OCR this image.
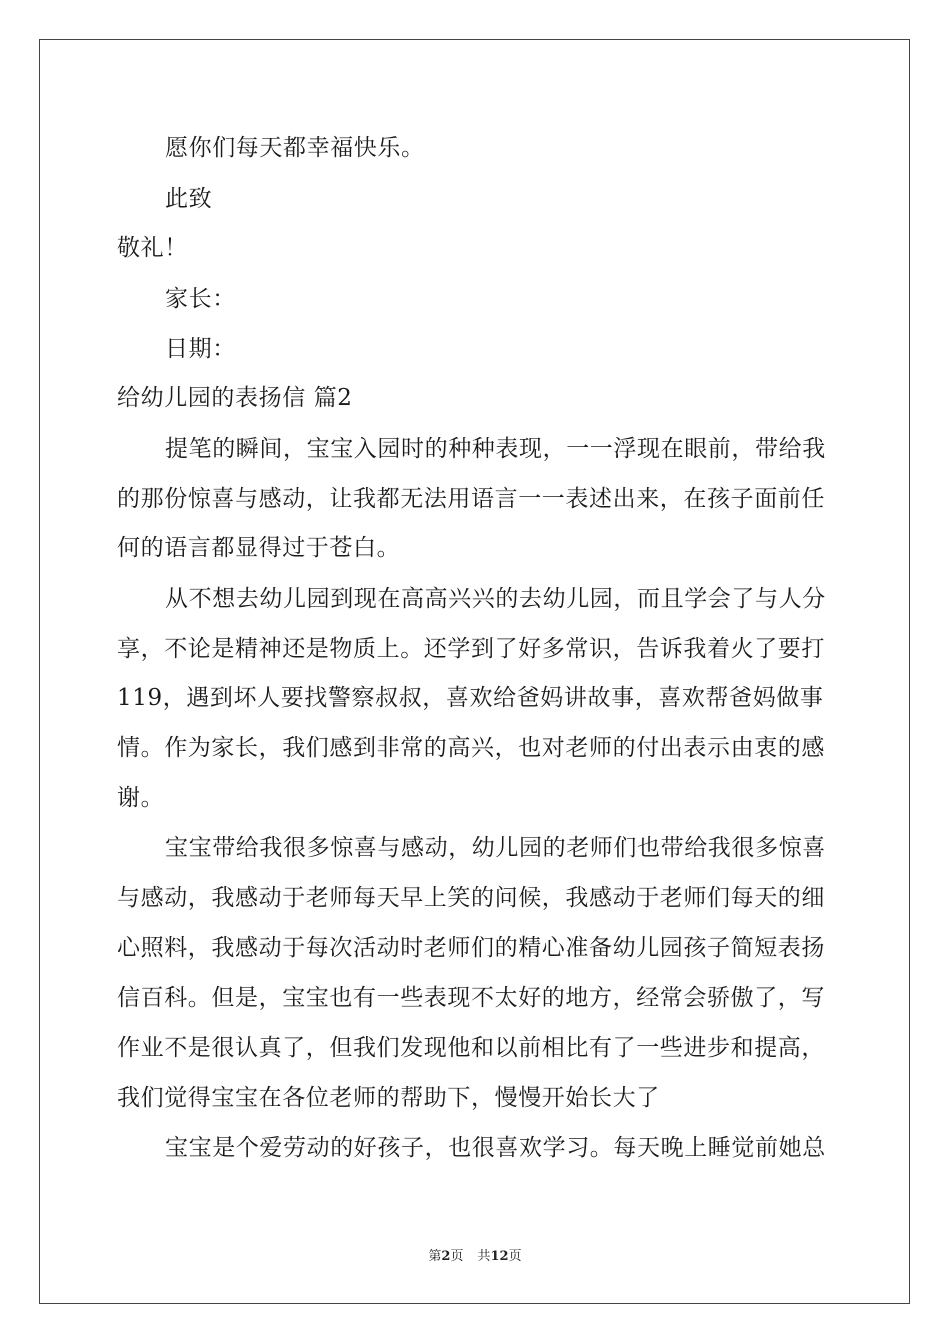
愿你们每天都幸福快乐。
此致
敬礼！
家长：
日期：
给幼儿园的表扬信 篇2
提笔的瞬间，宝宝入园时的种种表现，一一浮现在眼前，带给我
的那份惊喜与感动，让我都无法用语言一一表述出来，在孩子面前任
何的语言都显得过于苍白。
从不想去幼儿园到现在高高兴兴的去幼儿园，而且学会了与人分
享，不论是精神还是物质上。还学到了好多常识，告诉我着火了要打
119，遇到坏人要找警察叔叔，喜欢给爸妈讲故事，喜欢帮爸妈做事
情。作为家长，我们感到非常的高兴，也对老师的付出表示由衷的感
谢。
宝宝带给我很多惊喜与感动，幼儿园的老师们也带给我很多惊喜
与感动，我感动于老师每天早上笑的问候，我感动于老师们每天的细
心照料，我感动于每次活动时老师们的精心准备幼儿园孩子简短表扬
信百科。但是，宝宝也有一些表现不太好的地方，经常会骄傲了，写
作业不是很认真了，但我们发现他和以前相比有了一些进步和提高，
我们觉得宝宝在各位老师的帮助下，慢慢开始长大了
宝宝是个爱劳动的好孩子，也很喜欢学习。每天晚上睡觉前她总
第2页 共12页
